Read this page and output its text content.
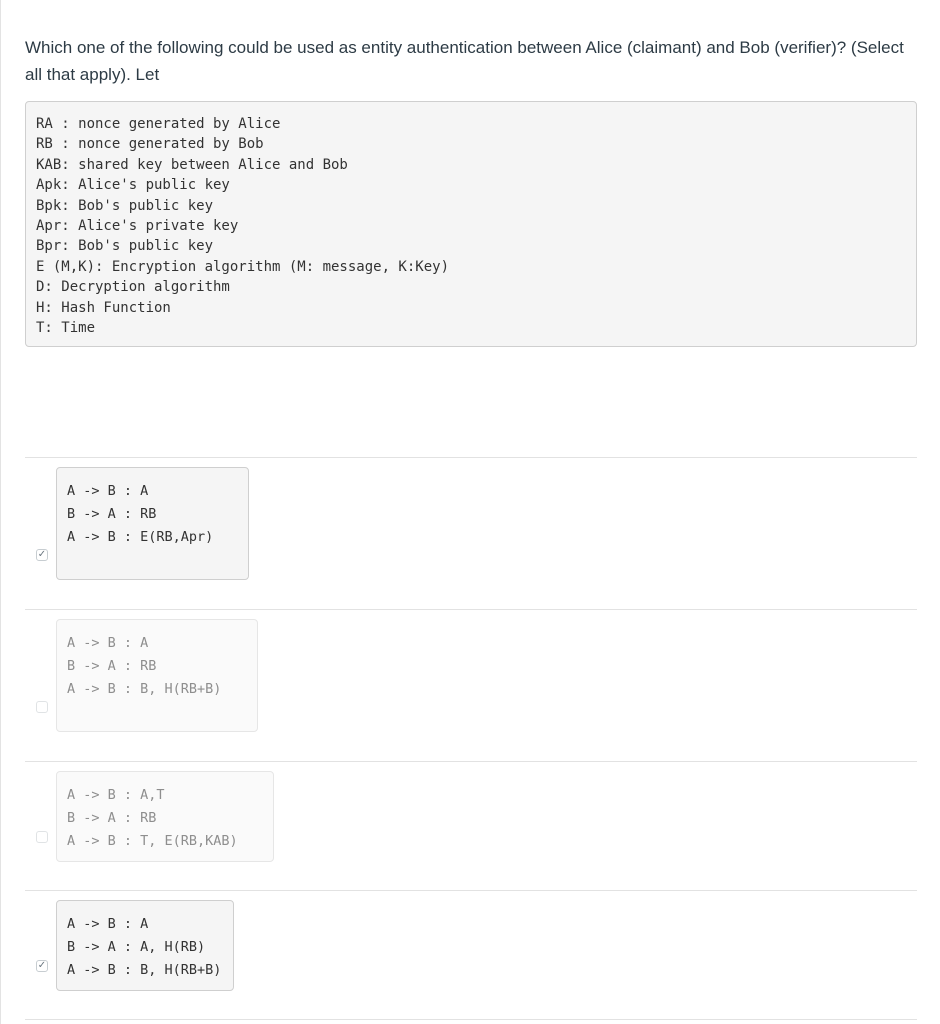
Which one of the following could be used as entity authentication between Alice (claimant) and Bob (verifier)? (Select all that apply). Let

RA : nonce generated by Alice
RB : nonce generated by Bob
KAB: shared key between Alice and Bob
Apk: Alice's public key
Bpk: Bob's public key
Apr: Alice's private key
Bpr: Bob's public key
E (M,K): Encryption algorithm (M: message, K:Key)
D: Decryption algorithm
H: Hash Function
T: Time
✓
A -> B : A
B -> A : RB
A -> B : E(RB,Apr)
A -> B : A
B -> A : RB
A -> B : B, H(RB+B)
A -> B : A,T
B -> A : RB
A -> B : T, E(RB,KAB)
✓
A -> B : A
B -> A : A, H(RB)
A -> B : B, H(RB+B)
